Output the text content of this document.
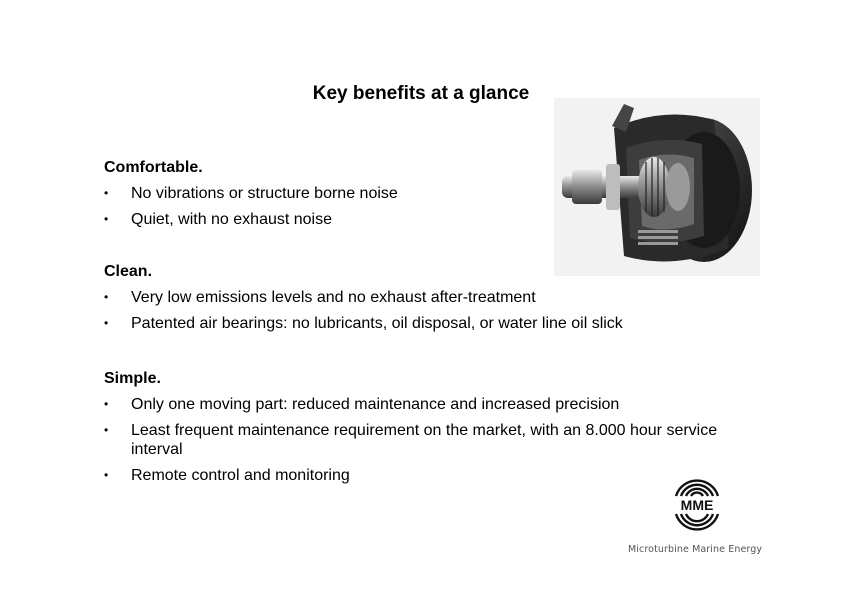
Key benefits at a glance
Comfortable.
• No vibrations or structure borne noise
• Quiet, with no exhaust noise
Clean.
• Very low emissions levels and no exhaust after-treatment
• Patented air bearings: no lubricants, oil disposal, or water line oil slick
Simple.
• Only one moving part: reduced maintenance and increased precision
• Least frequent maintenance requirement on the market, with an 8.000 hour service interval
• Remote control and monitoring
MME
Microturbine Marine Energy
